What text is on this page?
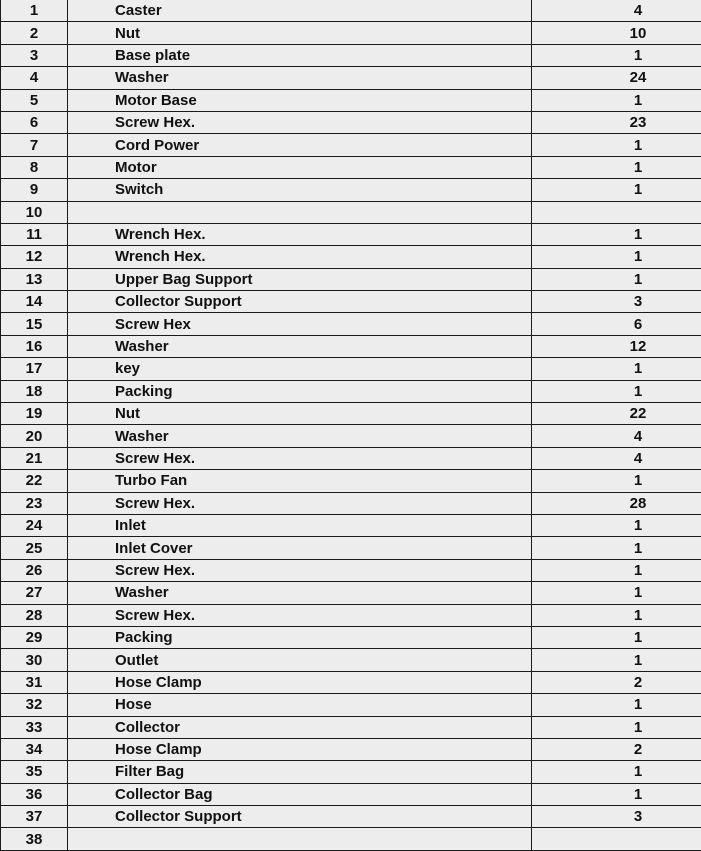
1	Caster	4
2	Nut	10
3	Base plate	1
4	Washer	24
5	Motor Base	1
6	Screw Hex.	23
7	Cord Power	1
8	Motor	1
9	Switch	1
10		
11	Wrench Hex.	1
12	Wrench Hex.	1
13	Upper Bag Support	1
14	Collector Support	3
15	Screw Hex	6
16	Washer	12
17	key	1
18	Packing	1
19	Nut	22
20	Washer	4
21	Screw Hex.	4
22	Turbo Fan	1
23	Screw Hex.	28
24	Inlet	1
25	Inlet Cover	1
26	Screw Hex.	1
27	Washer	1
28	Screw Hex.	1
29	Packing	1
30	Outlet	1
31	Hose Clamp	2
32	Hose	1
33	Collector	1
34	Hose Clamp	2
35	Filter Bag	1
36	Collector Bag	1
37	Collector Support	3
38		
